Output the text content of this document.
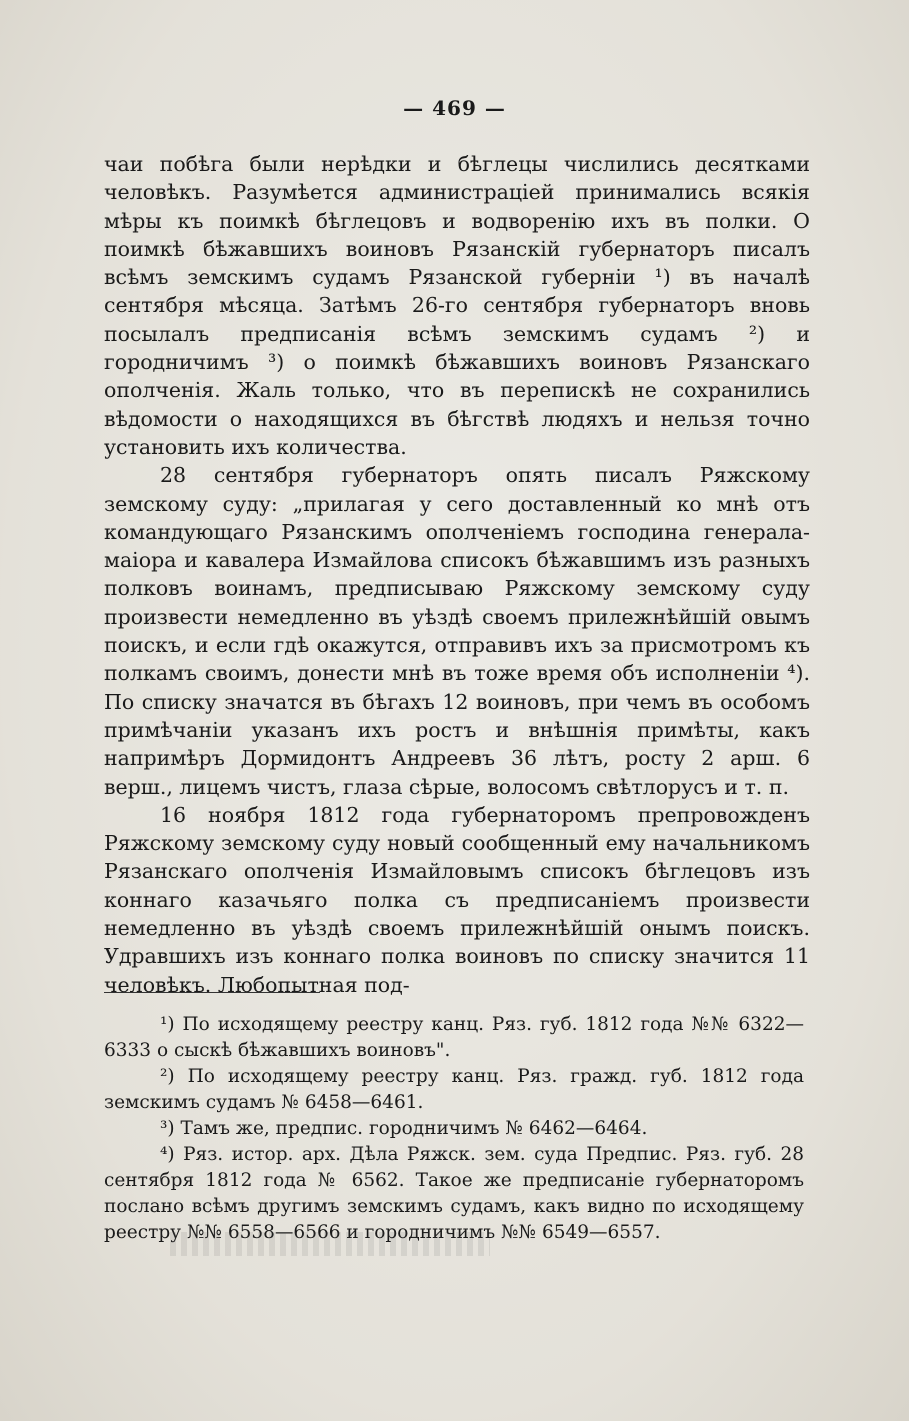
— 469 —

чаи побѣга были нерѣдки и бѣглецы числились десятками человѣкъ. Разумѣется администраціей принимались всякія мѣры къ поимкѣ бѣглецовъ и водворенію ихъ въ полки. О поимкѣ бѣжавшихъ воиновъ Рязанскій губернаторъ писалъ всѣмъ земскимъ судамъ Рязанской губерніи ¹) въ началѣ сентября мѣсяца. Затѣмъ 26-го сентября губернаторъ вновь посылалъ предписанія всѣмъ земскимъ судамъ ²) и городничимъ ³) о поимкѣ бѣжавшихъ воиновъ Рязанскаго ополченія. Жаль только, что въ перепискѣ не сохранились вѣдомости о находящихся въ бѣгствѣ людяхъ и нельзя точно установить ихъ количества.

28 сентября губернаторъ опять писалъ Ряжскому земскому суду: „прилагая у сего доставленный ко мнѣ отъ командующаго Рязанскимъ ополченіемъ господина генерала-маіора и кавалера Измайлова списокъ бѣжавшимъ изъ разныхъ полковъ воинамъ, предписываю Ряжскому земскому суду произвести немедленно въ уѣздѣ своемъ прилежнѣйшій овымъ поискъ, и если гдѣ окажутся, отправивъ ихъ за присмотромъ къ полкамъ своимъ, донести мнѣ въ тоже время объ исполненіи ⁴). По списку значатся въ бѣгахъ 12 воиновъ, при чемъ въ особомъ примѣчаніи указанъ ихъ ростъ и внѣшнія примѣты, какъ напримѣръ Дормидонтъ Андреевъ 36 лѣтъ, росту 2 арш. 6 верш., лицемъ чистъ, глаза сѣрые, волосомъ свѣтлорусъ и т. п.

16 ноября 1812 года губернаторомъ препровожденъ Ряжскому земскому суду новый сообщенный ему начальникомъ Рязанскаго ополченія Измайловымъ списокъ бѣглецовъ изъ коннаго казачьяго полка съ предписаніемъ произвести немедленно въ уѣздѣ своемъ прилежнѣйшій онымъ поискъ. Удравшихъ изъ коннаго полка воиновъ по списку значится 11 человѣкъ. Любопытная под-

¹) По исходящему реестру канц. Ряз. губ. 1812 года №№ 6322—6333 о сыскѣ бѣжавшихъ воиновъ".

²) По исходящему реестру канц. Ряз. гражд. губ. 1812 года земскимъ судамъ № 6458—6461.

³) Тамъ же, предпис. городничимъ № 6462—6464.

⁴) Ряз. истор. арх. Дѣла Ряжск. зем. суда Предпис. Ряз. губ. 28 сентября 1812 года № 6562. Такое же предписаніе губернаторомъ послано всѣмъ другимъ земскимъ судамъ, какъ видно по исходящему реестру №№ 6558—6566 и городничимъ №№ 6549—6557.
